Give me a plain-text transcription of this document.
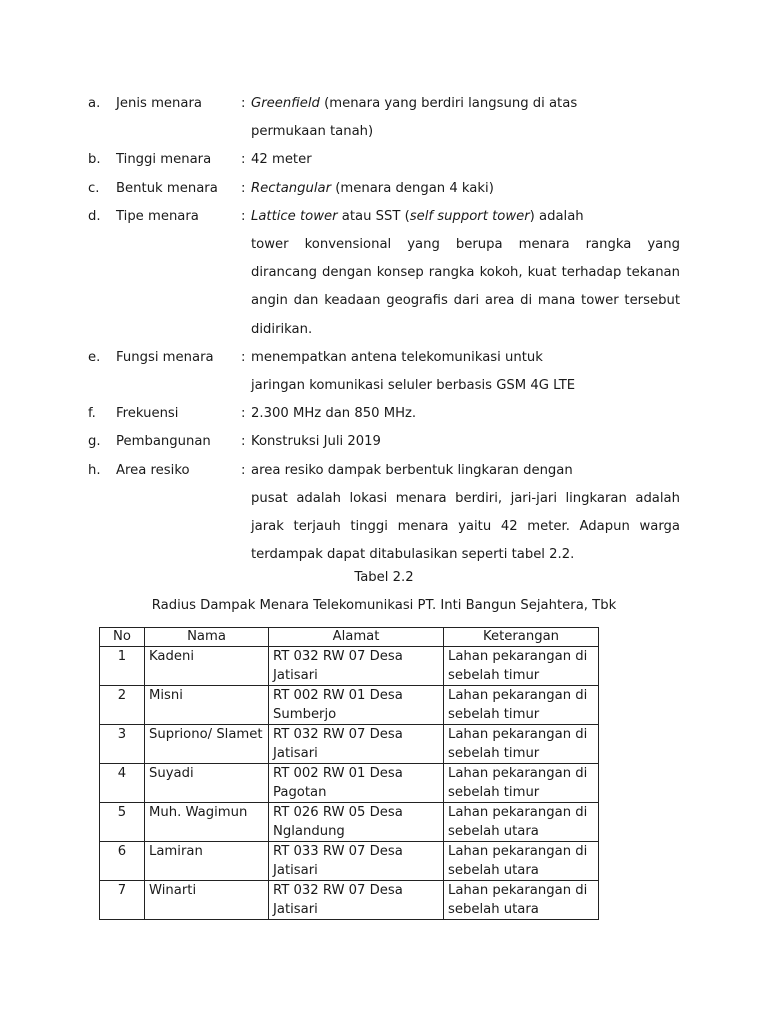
a.	Jenis menara	: Greenfield (menara yang berdiri langsung di atas
permukaan tanah)
b.	Tinggi menara	: 42 meter
c.	Bentuk menara	: Rectangular (menara dengan 4 kaki)
d.	Tipe menara	: Lattice tower atau SST (self support tower) adalah
tower konvensional yang berupa menara rangka yang
dirancang dengan konsep rangka kokoh, kuat terhadap tekanan
angin dan keadaan geografis dari area di mana tower tersebut
didirikan.
e.	Fungsi menara	: menempatkan antena telekomunikasi untuk
jaringan komunikasi seluler berbasis GSM 4G LTE
f.	Frekuensi	: 2.300 MHz dan 850 MHz.
g.	Pembangunan	: Konstruksi Juli 2019
h.	Area resiko	: area resiko dampak berbentuk lingkaran dengan
pusat adalah lokasi menara berdiri, jari-jari lingkaran adalah
jarak terjauh tinggi menara yaitu 42 meter. Adapun warga
terdampak dapat ditabulasikan seperti tabel 2.2.
Tabel 2.2
Radius Dampak Menara Telekomunikasi PT. Inti Bangun Sejahtera, Tbk
No	Nama	Alamat	Keterangan
1	Kadeni	RT 032 RW 07 Desa Jatisari	Lahan pekarangan di sebelah timur
2	Misni	RT 002 RW 01 Desa Sumberjo	Lahan pekarangan di sebelah timur
3	Supriono/ Slamet	RT 032 RW 07 Desa Jatisari	Lahan pekarangan di sebelah timur
4	Suyadi	RT 002 RW 01 Desa Pagotan	Lahan pekarangan di sebelah timur
5	Muh. Wagimun	RT 026 RW 05 Desa Nglandung	Lahan pekarangan di sebelah utara
6	Lamiran	RT 033 RW 07 Desa Jatisari	Lahan pekarangan di sebelah utara
7	Winarti	RT 032 RW 07 Desa Jatisari	Lahan pekarangan di sebelah utara
